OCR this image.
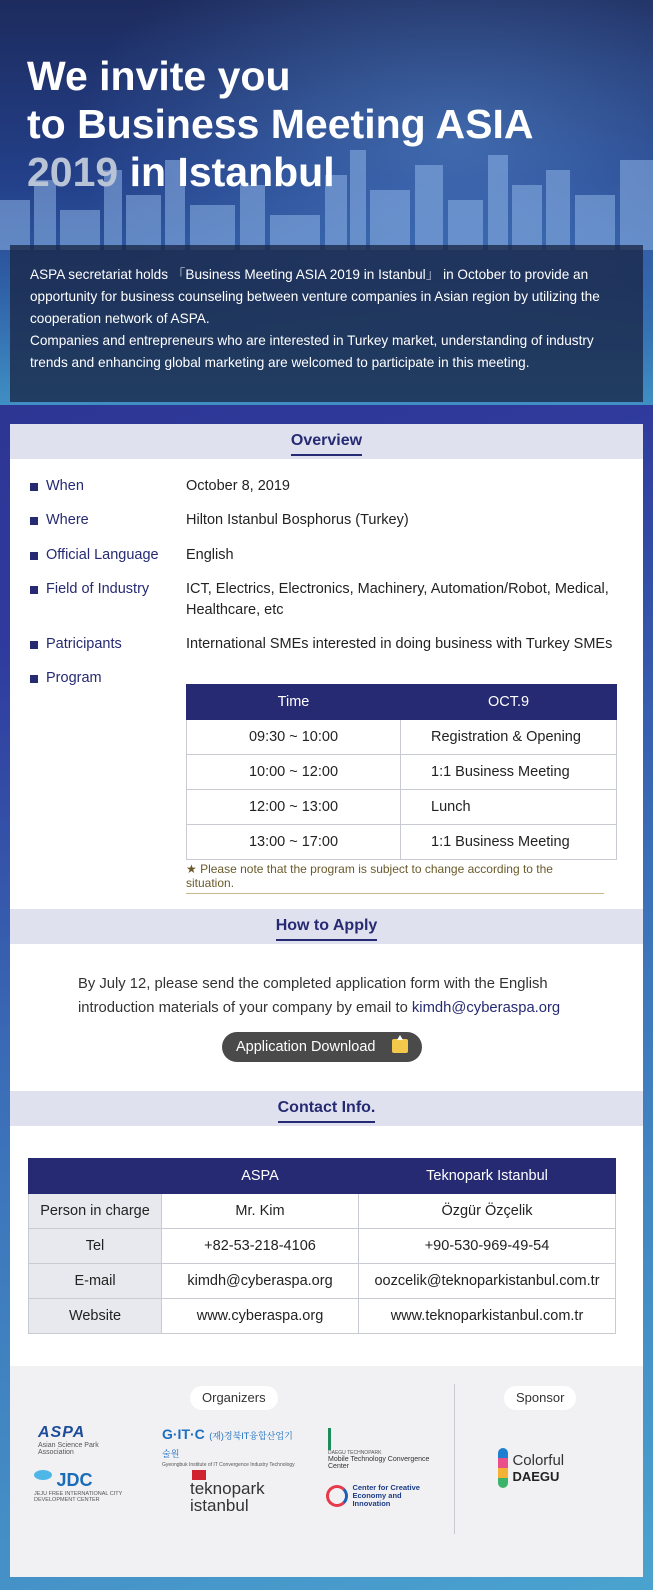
We invite you
to Business Meeting ASIA
2019 in Istanbul

ASPA secretariat holds 「Business Meeting ASIA 2019 in Istanbul」 in October to provide an opportunity for business counseling between venture companies in Asian region by utilizing the cooperation network of ASPA.

Companies and entrepreneurs who are interested in Turkey market, understanding of industry trends and enhancing global marketing are welcomed to participate in this meeting.

Overview
When	October 8, 2019
Where	Hilton Istanbul Bosphorus (Turkey)
Official Language English
Field of Industry	ICT, Electrics, Electronics, Machinery, Automation/Robot, Medical, Healthcare, etc
Patricipants	International SMEs interested in doing business with Turkey SMEs
Program
Time	OCT.9
09:30 ~ 10:00	Registration & Opening
10:00 ~ 12:00	1:1 Business Meeting
12:00 ~ 13:00	Lunch
13:00 ~ 17:00	1:1 Business Meeting
★ Please note that the program is subject to change according to the situation.
How to Apply
By July 12, please send the completed application form with the English
introduction materials of your company by email to kimdh@cyberaspa.org
Application Download
Contact Info.
	ASPA	Teknopark Istanbul
Person in charge	Mr. Kim	Özgür Özçelik
Tel	+82-53-218-4106	+90-530-969-49-54
E-mail	kimdh@cyberaspa.org	oozcelik@teknoparkistanbul.com.tr
Website	www.cyberaspa.org	www.teknoparkistanbul.com.tr
Organizers	Sponsor
ASPA
Asian Science Park Association
G·IT·C (재)경북IT융합산업기술원
Gyeongbuk Institute of IT Convergence Industry Technology

DAEGU TECHNOPARK
Mobile Technology Convergence Center
JDC
JEJU FREE INTERNATIONAL CITY DEVELOPMENT CENTER
teknopark
istanbul
Center for Creative Economy and Innovation

Colorful
DAEGU
